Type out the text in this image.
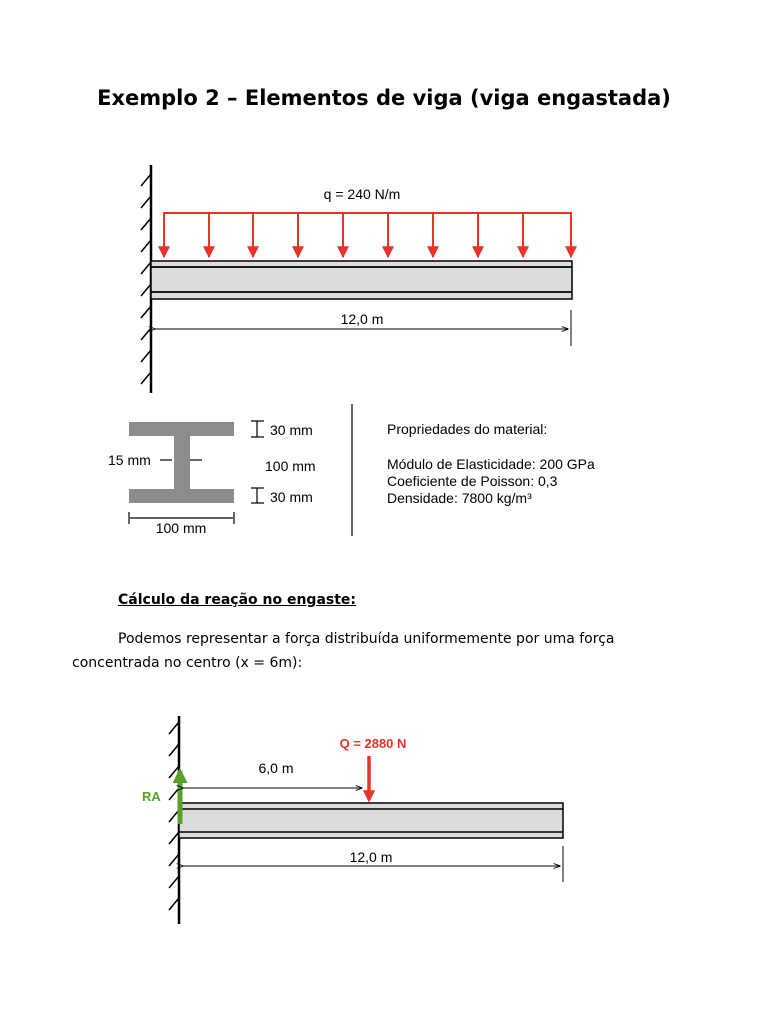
Exemplo 2 – Elementos de viga (viga engastada)
q = 240 N/m
12,0 m
30 mm
100 mm
30 mm
15 mm
100 mm
Propriedades do material:
Módulo de Elasticidade: 200 GPa
Coeficiente de Poisson: 0,3
Densidade: 7800 kg/m³
RA
Q = 2880 N
6,0 m
12,0 m
Cálculo da reação no engaste:
Podemos representar a força distribuída uniformemente por uma força concentrada no centro (x = 6m):
